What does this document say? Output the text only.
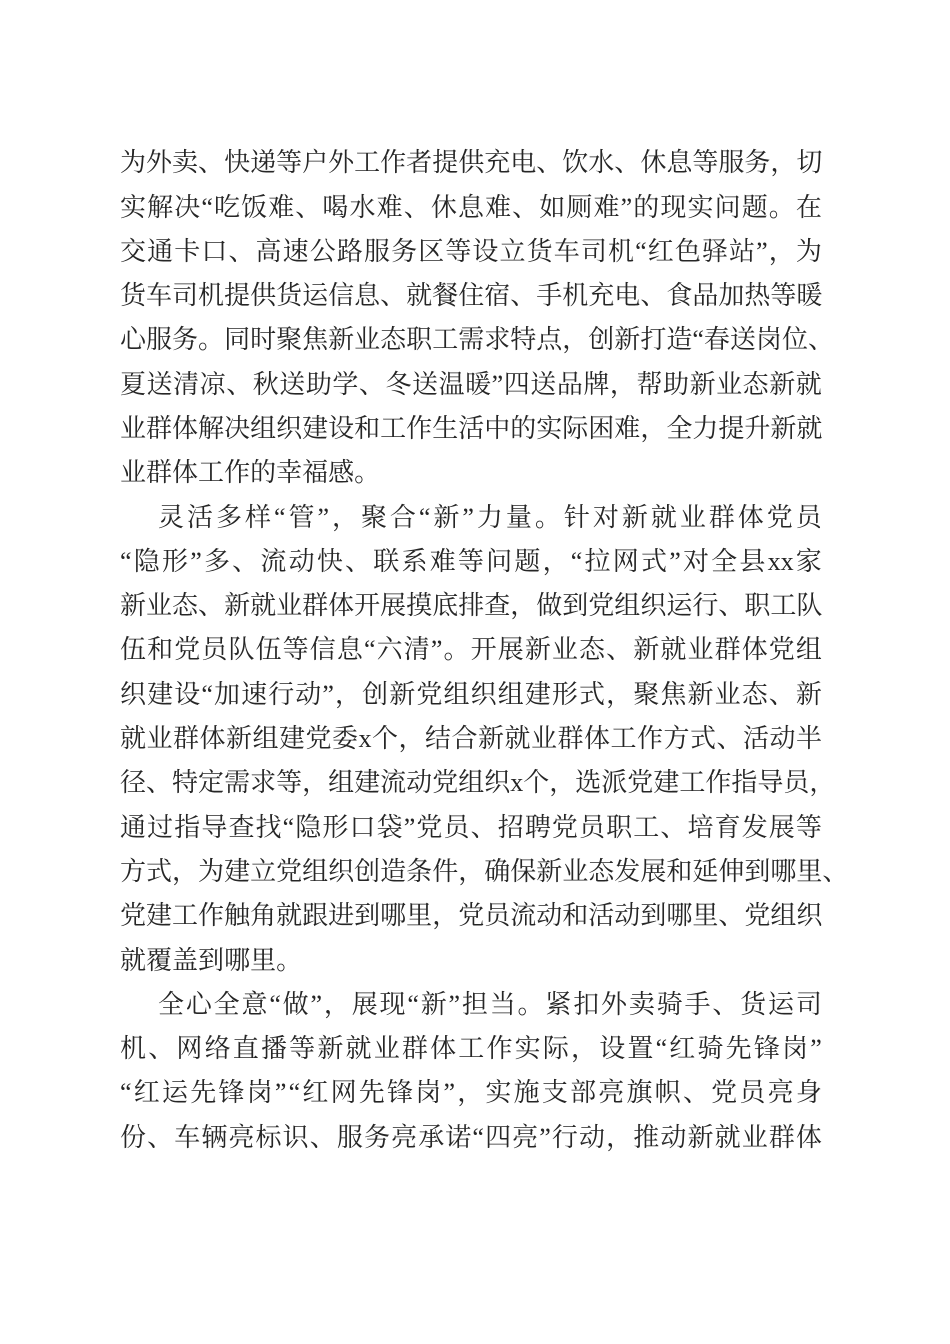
为 外 卖 、 快 递 等 户 外 工 作 者 提 供 充 电 、 饮 水 、 休 息 等 服 务 ， 切
实 解 决 “ 吃 饭 难 、 喝 水 难 、 休 息 难 、 如 厕 难 ” 的 现 实 问 题 。 在
交 通 卡 口 、 高 速 公 路 服 务 区 等 设 立 货 车 司 机 “ 红 色 驿 站 ” ， 为
货 车 司 机 提 供 货 运 信 息 、 就 餐 住 宿 、 手 机 充 电 、 食 品 加 热 等 暖
心 服 务 。 同 时 聚 焦 新 业 态 职 工 需 求 特 点 ， 创 新 打 造 “ 春 送 岗 位 、
夏 送 清 凉 、 秋 送 助 学 、 冬 送 温 暖 ” 四 送 品 牌 ， 帮 助 新 业 态 新 就
业 群 体 解 决 组 织 建 设 和 工 作 生 活 中 的 实 际 困 难 ， 全 力 提 升 新 就
业 群 体 工 作 的 幸 福 感 。
灵 活 多 样 “ 管 ” ， 聚 合 “ 新 ” 力 量 。 针 对 新 就 业 群 体 党 员
“ 隐 形 ” 多 、 流 动 快 、 联 系 难 等 问 题 ， “ 拉 网 式 ” 对 全 县 xx 家
新 业 态 、 新 就 业 群 体 开 展 摸 底 排 查 ， 做 到 党 组 织 运 行 、 职 工 队
伍 和 党 员 队 伍 等 信 息 “ 六 清 ” 。 开 展 新 业 态 、 新 就 业 群 体 党 组
织 建 设 “ 加 速 行 动 ” ， 创 新 党 组 织 组 建 形 式 ， 聚 焦 新 业 态 、 新
就 业 群 体 新 组 建 党 委 x 个 ， 结 合 新 就 业 群 体 工 作 方 式 、 活 动 半
径 、 特 定 需 求 等 ， 组 建 流 动 党 组 织 x 个 ， 选 派 党 建 工 作 指 导 员 ，
通 过 指 导 查 找 “ 隐 形 口 袋 ” 党 员 、 招 聘 党 员 职 工 、 培 育 发 展 等
方 式 ， 为 建 立 党 组 织 创 造 条 件 ， 确 保 新 业 态 发 展 和 延 伸 到 哪 里 、
党 建 工 作 触 角 就 跟 进 到 哪 里 ， 党 员 流 动 和 活 动 到 哪 里 、 党 组 织
就 覆 盖 到 哪 里 。
全 心 全 意 “ 做 ” ， 展 现 “ 新 ” 担 当 。 紧 扣 外 卖 骑 手 、 货 运 司
机 、 网 络 直 播 等 新 就 业 群 体 工 作 实 际 ， 设 置 “ 红 骑 先 锋 岗 ”
“ 红 运 先 锋 岗 ” “ 红 网 先 锋 岗 ” ， 实 施 支 部 亮 旗 帜 、 党 员 亮 身
份 、 车 辆 亮 标 识 、 服 务 亮 承 诺 “ 四 亮 ” 行 动 ， 推 动 新 就 业 群 体
